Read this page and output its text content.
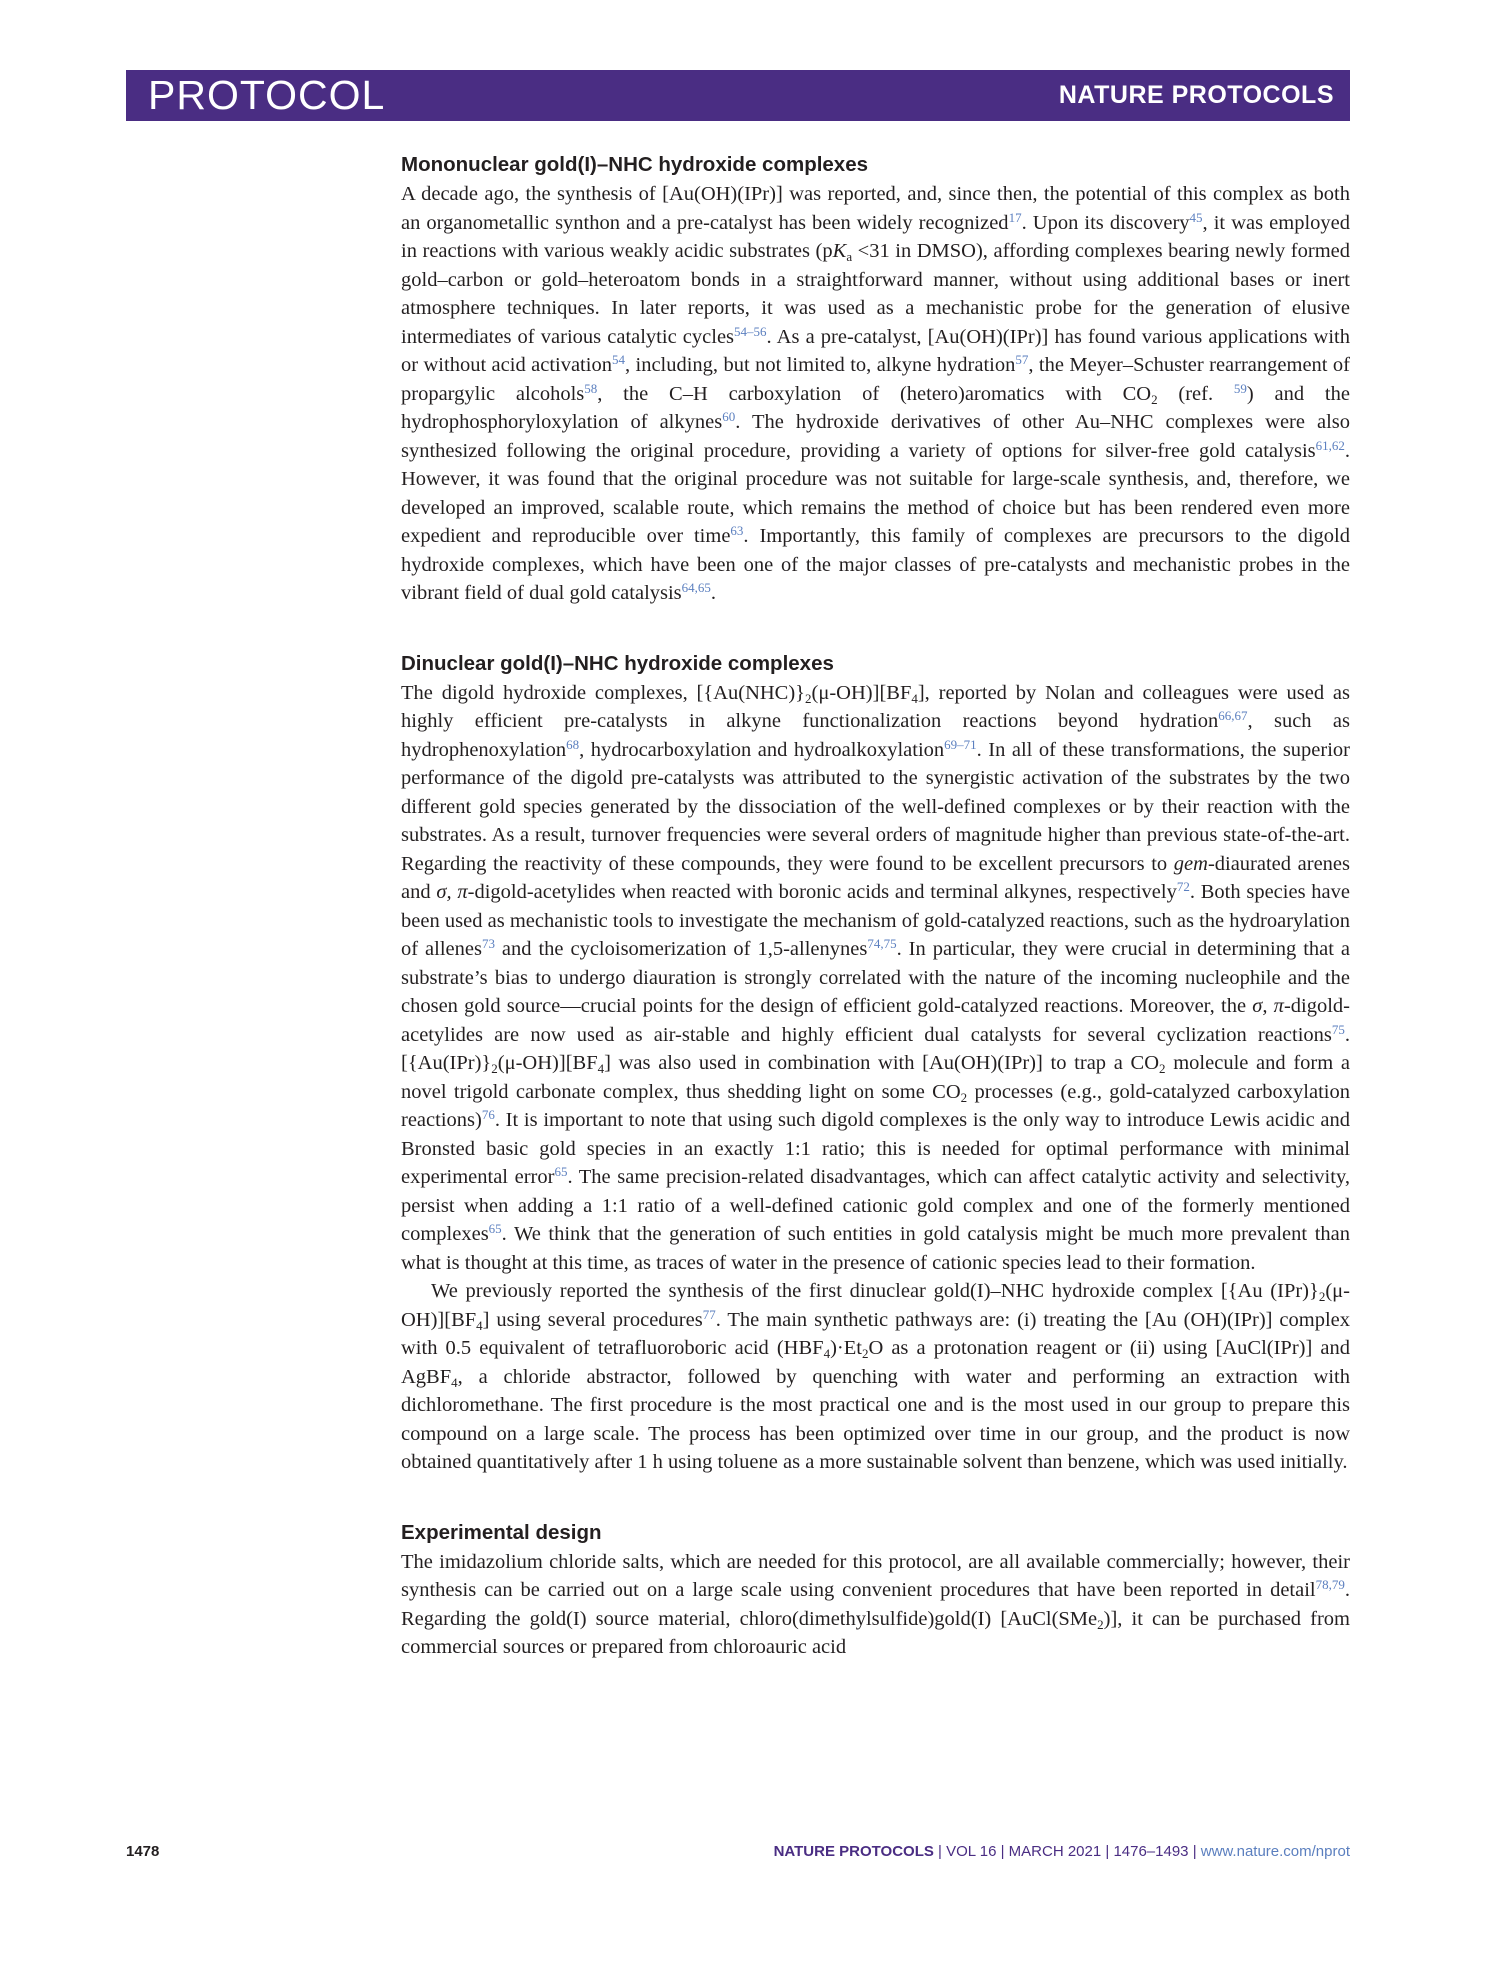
PROTOCOL	NATURE PROTOCOLS
Mononuclear gold(I)–NHC hydroxide complexes

A decade ago, the synthesis of [Au(OH)(IPr)] was reported, and, since then, the potential of this complex as both an organometallic synthon and a pre-catalyst has been widely recognized$^{17}$. Upon its discovery$^{45}$, it was employed in reactions with various weakly acidic substrates ($pK_a <31$ in DMSO), affording complexes bearing newly formed gold–carbon or gold–heteroatom bonds in a straightforward manner, without using additional bases or inert atmosphere techniques. In later reports, it was used as a mechanistic probe for the generation of elusive intermediates of various catalytic cycles$^{54-56}$. As a pre-catalyst, [Au(OH)(IPr)] has found various applications with or without acid activation$^{54}$, including, but not limited to, alkyne hydration$^{57}$, the Meyer–Schuster rearrangement of propargylic alcohols$^{58}$, the C–H carboxylation of (hetero)aromatics with $CO_2$ (ref. $^{59}$) and the hydrophosphoryloxylation of alkynes$^{60}$. The hydroxide derivatives of other Au–NHC complexes were also synthesized following the original procedure, providing a variety of options for silver-free gold catalysis$^{61,62}$. However, it was found that the original procedure was not suitable for large-scale synthesis, and, therefore, we developed an improved, scalable route, which remains the method of choice but has been rendered even more expedient and reproducible over time$^{63}$. Importantly, this family of complexes are precursors to the digold hydroxide complexes, which have been one of the major classes of pre-catalysts and mechanistic probes in the vibrant field of dual gold catalysis$^{64,65}$.

Dinuclear gold(I)–NHC hydroxide complexes

The digold hydroxide complexes, $[\{Au(NHC)\}_2(\mu-OH)][BF_4]$, reported by Nolan and colleagues were used as highly efficient pre-catalysts in alkyne functionalization reactions beyond hydration$^{66,67}$, such as hydrophenoxylation$^{68}$, hydrocarboxylation and hydroalkoxylation$^{69-71}$. In all of these transformations, the superior performance of the digold pre-catalysts was attributed to the synergistic activation of the substrates by the two different gold species generated by the dissociation of the well-defined complexes or by their reaction with the substrates. As a result, turnover frequencies were several orders of magnitude higher than previous state-of-the-art. Regarding the reactivity of these compounds, they were found to be excellent precursors to gem-diaurated arenes and σ, π-digold-acetylides when reacted with boronic acids and terminal alkynes, respectively$^{72}$. Both species have been used as mechanistic tools to investigate the mechanism of gold-catalyzed reactions, such as the hydroarylation of allenes$^{73}$ and the cycloisomerization of 1,5-allenynes$^{74,75}$. In particular, they were crucial in determining that a substrate’s bias to undergo diauration is strongly correlated with the nature of the incoming nucleophile and the chosen gold source—crucial points for the design of efficient gold-catalyzed reactions. Moreover, the σ, π-digold-acetylides are now used as air-stable and highly efficient dual catalysts for several cyclization reactions$^{75}$. $[\{Au(IPr)\}_2(\mu-OH)][BF_4]$ was also used in combination with [Au(OH)(IPr)] to trap a $CO_2$ molecule and form a novel trigold carbonate complex, thus shedding light on some $CO_2$ processes (e.g., gold-catalyzed carboxylation reactions)$^{76}$. It is important to note that using such digold complexes is the only way to introduce Lewis acidic and Bronsted basic gold species in an exactly 1:1 ratio; this is needed for optimal performance with minimal experimental error$^{65}$. The same precision-related disadvantages, which can affect catalytic activity and selectivity, persist when adding a 1:1 ratio of a well-defined cationic gold complex and one of the formerly mentioned complexes$^{65}$. We think that the generation of such entities in gold catalysis might be much more prevalent than what is thought at this time, as traces of water in the presence of cationic species lead to their formation.

We previously reported the synthesis of the first dinuclear gold(I)–NHC hydroxide complex [{Au $(IPr)\}_2(\mu-OH)][BF_4]$ using several procedures$^{77}$. The main synthetic pathways are: (i) treating the [Au (OH)(IPr)] complex with 0.5 equivalent of tetrafluoroboric acid $(HBF_4)\cdot Et_2O$ as a protonation reagent or (ii) using [AuCl(IPr)] and AgBF$_4$, a chloride abstractor, followed by quenching with water and performing an extraction with dichloromethane. The first procedure is the most practical one and is the most used in our group to prepare this compound on a large scale. The process has been optimized over time in our group, and the product is now obtained quantitatively after 1 h using toluene as a more sustainable solvent than benzene, which was used initially.

Experimental design

The imidazolium chloride salts, which are needed for this protocol, are all available commercially; however, their synthesis can be carried out on a large scale using convenient procedures that have been reported in detail$^{78,79}$. Regarding the gold(I) source material, chloro(dimethylsulfide)gold(I) [AuCl(SMe$_2$)], it can be purchased from commercial sources or prepared from chloroauric acid

1478	NATURE PROTOCOLS | VOL 16 | MARCH 2021 | 1476–1493 | www.nature.com/nprot
